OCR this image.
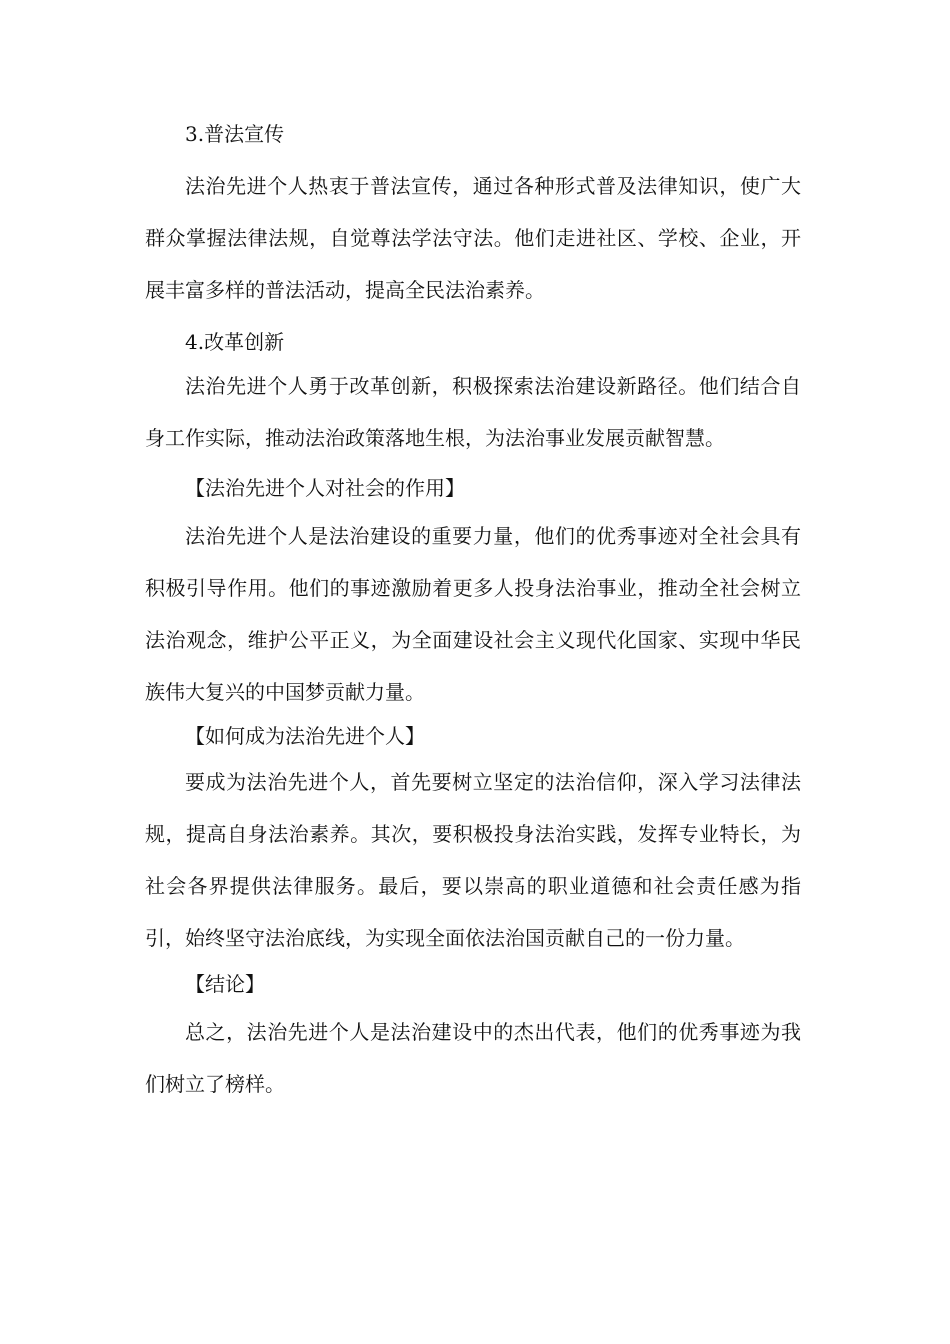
3.普法宣传

法治先进个人热衷于普法宣传，通过各种形式普及法律知识，使广大群众掌握法律法规，自觉尊法学法守法。他们走进社区、学校、企业，开展丰富多样的普法活动，提高全民法治素养。

4.改革创新

法治先进个人勇于改革创新，积极探索法治建设新路径。他们结合自身工作实际，推动法治政策落地生根，为法治事业发展贡献智慧。

【法治先进个人对社会的作用】

法治先进个人是法治建设的重要力量，他们的优秀事迹对全社会具有积极引导作用。他们的事迹激励着更多人投身法治事业，推动全社会树立法治观念，维护公平正义，为全面建设社会主义现代化国家、实现中华民族伟大复兴的中国梦贡献力量。

【如何成为法治先进个人】

要成为法治先进个人，首先要树立坚定的法治信仰，深入学习法律法规，提高自身法治素养。其次，要积极投身法治实践，发挥专业特长，为社会各界提供法律服务。最后，要以崇高的职业道德和社会责任感为指引，始终坚守法治底线，为实现全面依法治国贡献自己的一份力量。

【结论】

总之，法治先进个人是法治建设中的杰出代表，他们的优秀事迹为我们树立了榜样。
